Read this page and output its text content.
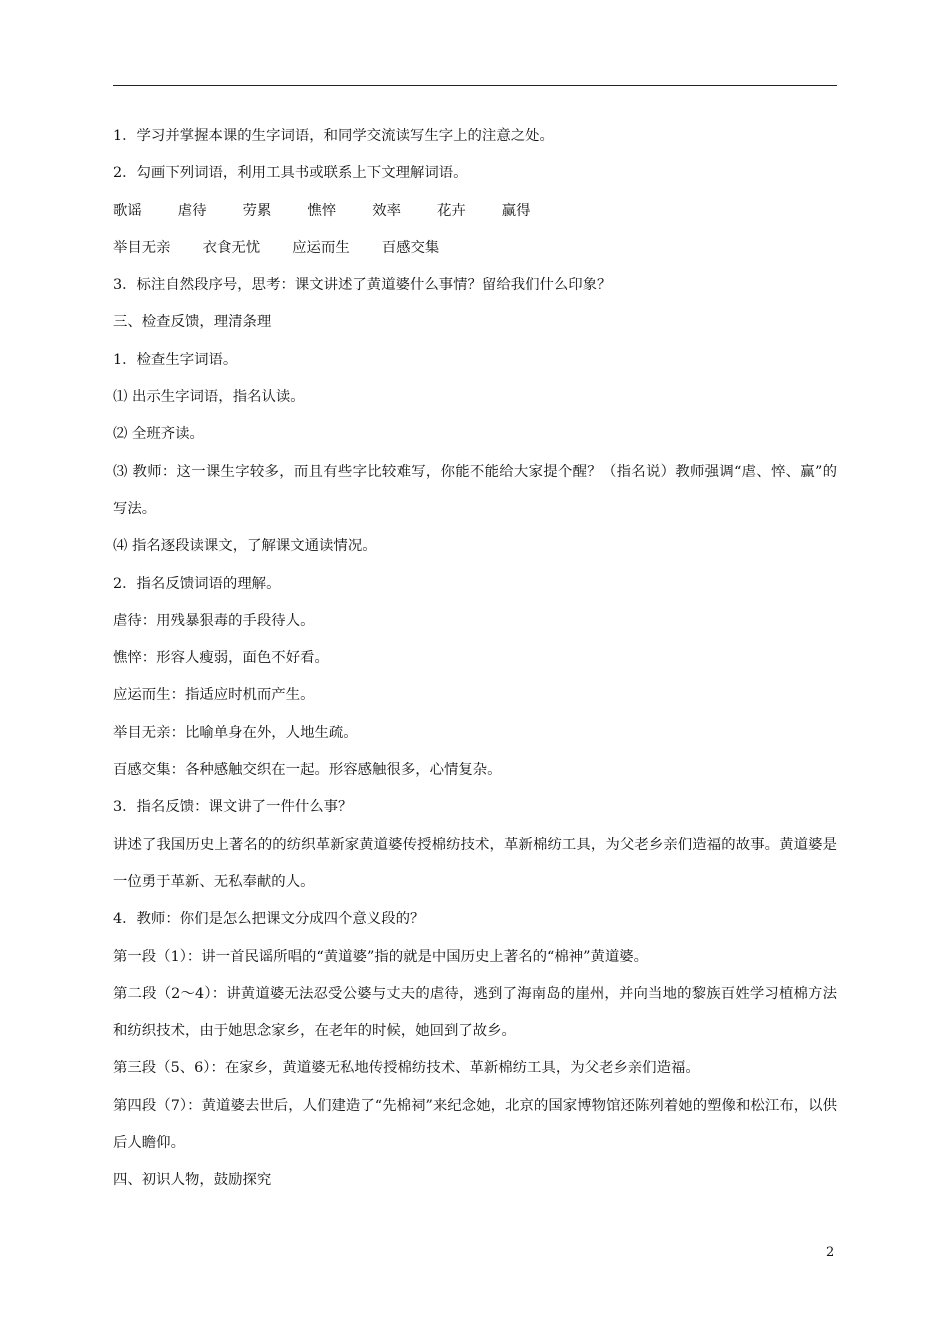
1．学习并掌握本课的生字词语，和同学交流读写生字上的注意之处。
2．勾画下列词语，利用工具书或联系上下文理解词语。
歌谣	虐待	劳累	憔悴	效率	花卉	赢得
举目无亲 衣食无忧 应运而生 百感交集
3．标注自然段序号，思考：课文讲述了黄道婆什么事情？留给我们什么印象？
三、检查反馈，理清条理
1．检查生字词语。
⑴ 出示生字词语，指名认读。
⑵ 全班齐读。
⑶ 教师：这一课生字较多，而且有些字比较难写，你能不能给大家提个醒？（指名说）教师强调“虐、悴、赢”的写法。
⑷ 指名逐段读课文，了解课文通读情况。
2．指名反馈词语的理解。
虐待：用残暴狠毒的手段待人。
憔悴：形容人瘦弱，面色不好看。
应运而生：指适应时机而产生。
举目无亲：比喻单身在外，人地生疏。
百感交集：各种感触交织在一起。形容感触很多，心情复杂。
3．指名反馈：课文讲了一件什么事？
讲述了我国历史上著名的的纺织革新家黄道婆传授棉纺技术，革新棉纺工具，为父老乡亲们造福的故事。黄道婆是一位勇于革新、无私奉献的人。
4．教师：你们是怎么把课文分成四个意义段的？
第一段（1）：讲一首民谣所唱的“黄道婆”指的就是中国历史上著名的“棉神”黄道婆。
第二段（2～4）：讲黄道婆无法忍受公婆与丈夫的虐待，逃到了海南岛的崖州，并向当地的黎族百姓学习植棉方法和纺织技术，由于她思念家乡，在老年的时候，她回到了故乡。
第三段（5、6）：在家乡，黄道婆无私地传授棉纺技术、革新棉纺工具，为父老乡亲们造福。
第四段（7）：黄道婆去世后，人们建造了“先棉祠”来纪念她，北京的国家博物馆还陈列着她的塑像和松江布，以供后人瞻仰。
四、初识人物，鼓励探究
2
